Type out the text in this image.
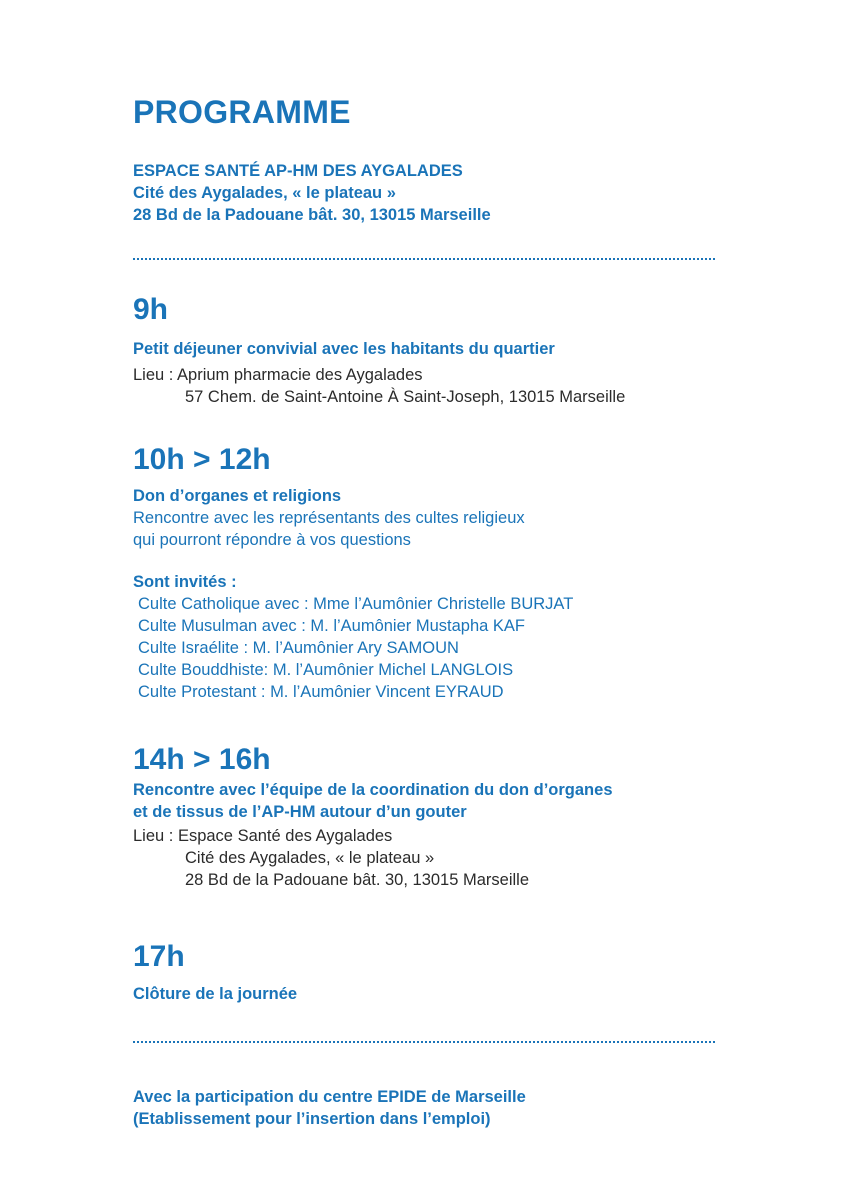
PROGRAMME
ESPACE SANTÉ AP-HM DES AYGALADES
Cité des Aygalades, « le plateau »
28 Bd de la Padouane bât. 30, 13015 Marseille
9h
Petit déjeuner convivial avec les habitants du quartier
Lieu : Aprium pharmacie des Aygalades
57 Chem. de Saint-Antoine À Saint-Joseph, 13015 Marseille
10h > 12h
Don d’organes et religions
Rencontre avec les représentants des cultes religieux
qui pourront répondre à vos questions
Sont invités :
Culte Catholique avec : Mme l’Aumônier Christelle BURJAT
Culte Musulman avec : M. l’Aumônier Mustapha KAF
Culte Israélite : M. l’Aumônier Ary SAMOUN
Culte Bouddhiste: M. l’Aumônier Michel LANGLOIS
Culte Protestant : M. l’Aumônier Vincent EYRAUD
14h > 16h
Rencontre avec l’équipe de la coordination du don d’organes
et de tissus de l’AP-HM autour d’un gouter
Lieu : Espace Santé des Aygalades
Cité des Aygalades, « le plateau »
28 Bd de la Padouane bât. 30, 13015 Marseille
17h
Clôture de la journée
Avec la participation du centre EPIDE de Marseille
(Etablissement pour l’insertion dans l’emploi)
